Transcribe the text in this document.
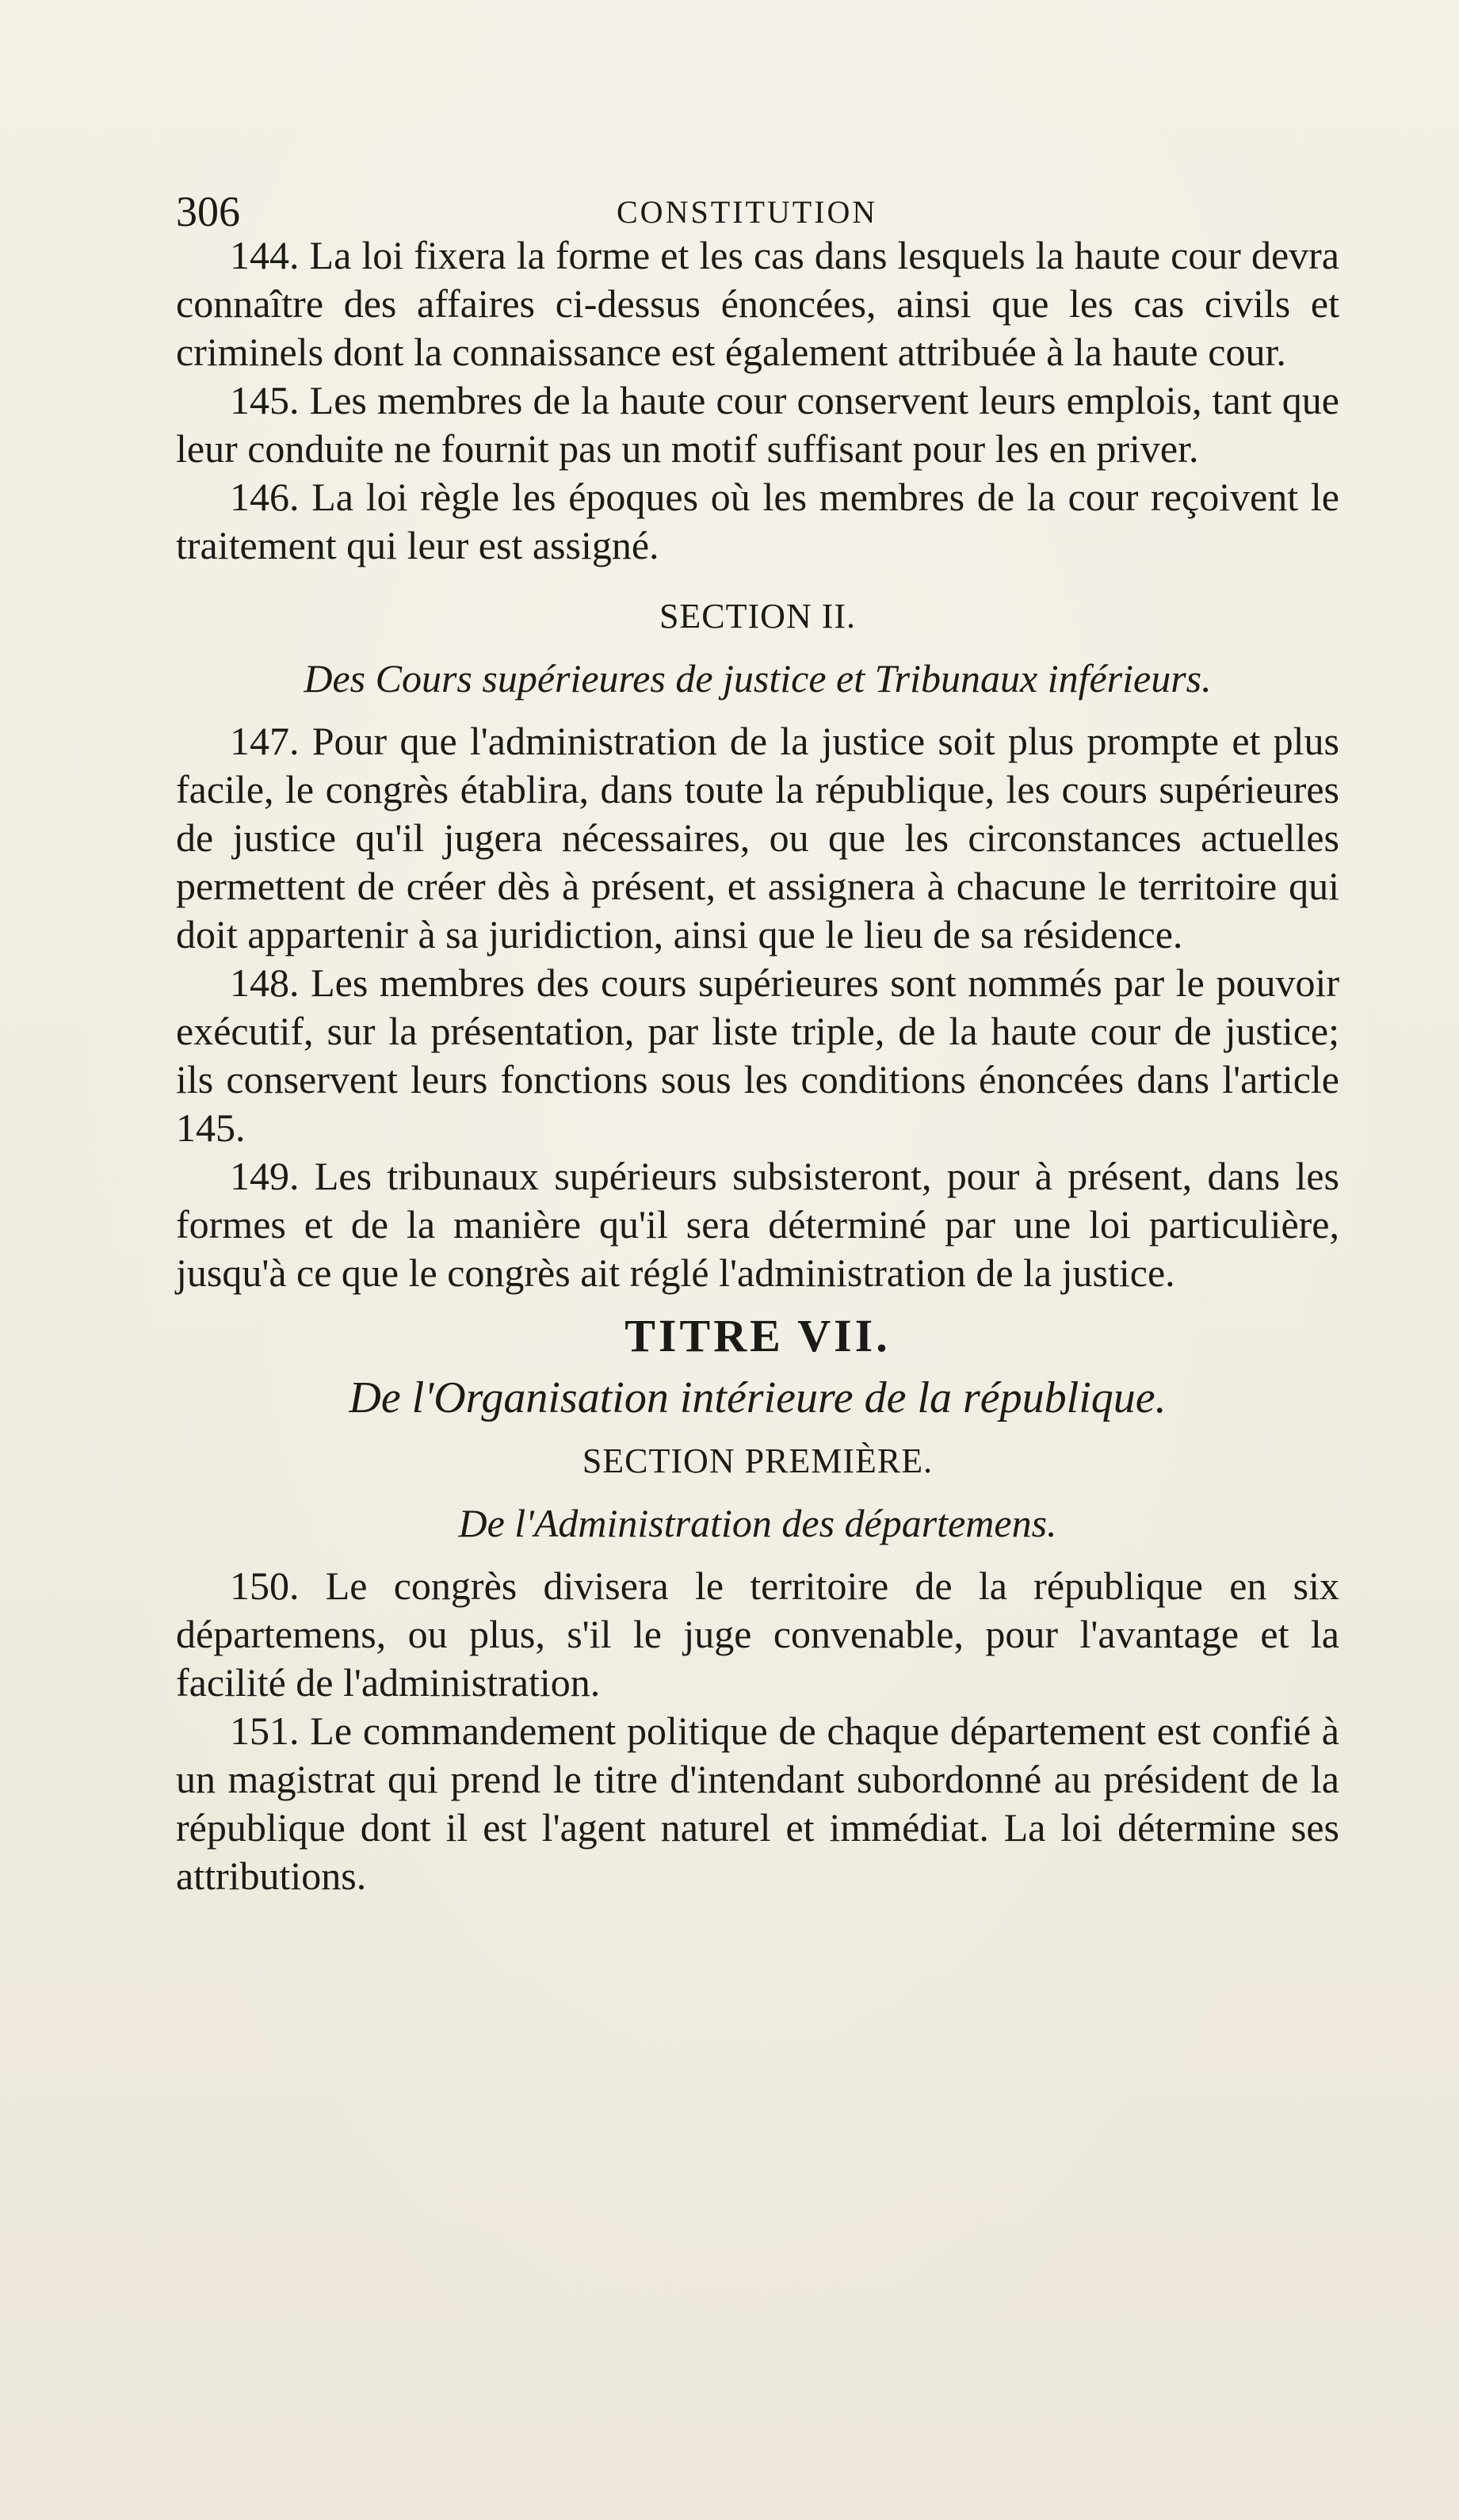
306	CONSTITUTION

144. La loi fixera la forme et les cas dans lesquels la haute cour devra connaître des affaires ci-dessus énoncées, ainsi que les cas civils et criminels dont la connaissance est également attribuée à la haute cour.

145. Les membres de la haute cour conservent leurs emplois, tant que leur conduite ne fournit pas un motif suffisant pour les en priver.

146. La loi règle les époques où les membres de la cour reçoivent le traitement qui leur est assigné.

SECTION II.

Des Cours supérieures de justice et Tribunaux inférieurs.

147. Pour que l'administration de la justice soit plus prompte et plus facile, le congrès établira, dans toute la république, les cours supérieures de justice qu'il jugera nécessaires, ou que les circonstances actuelles permettent de créer dès à présent, et assignera à chacune le territoire qui doit appartenir à sa juridiction, ainsi que le lieu de sa résidence.

148. Les membres des cours supérieures sont nommés par le pouvoir exécutif, sur la présentation, par liste triple, de la haute cour de justice; ils conservent leurs fonctions sous les conditions énoncées dans l'article 145.

149. Les tribunaux supérieurs subsisteront, pour à présent, dans les formes et de la manière qu'il sera déterminé par une loi particulière, jusqu'à ce que le congrès ait réglé l'administration de la justice.

TITRE VII.

De l'Organisation intérieure de la république.

SECTION PREMIÈRE.

De l'Administration des départemens.

150. Le congrès divisera le territoire de la république en six départemens, ou plus, s'il le juge convenable, pour l'avantage et la facilité de l'administration.

151. Le commandement politique de chaque département est confié à un magistrat qui prend le titre d'intendant subordonné au président de la république dont il est l'agent naturel et immédiat. La loi détermine ses attributions.
